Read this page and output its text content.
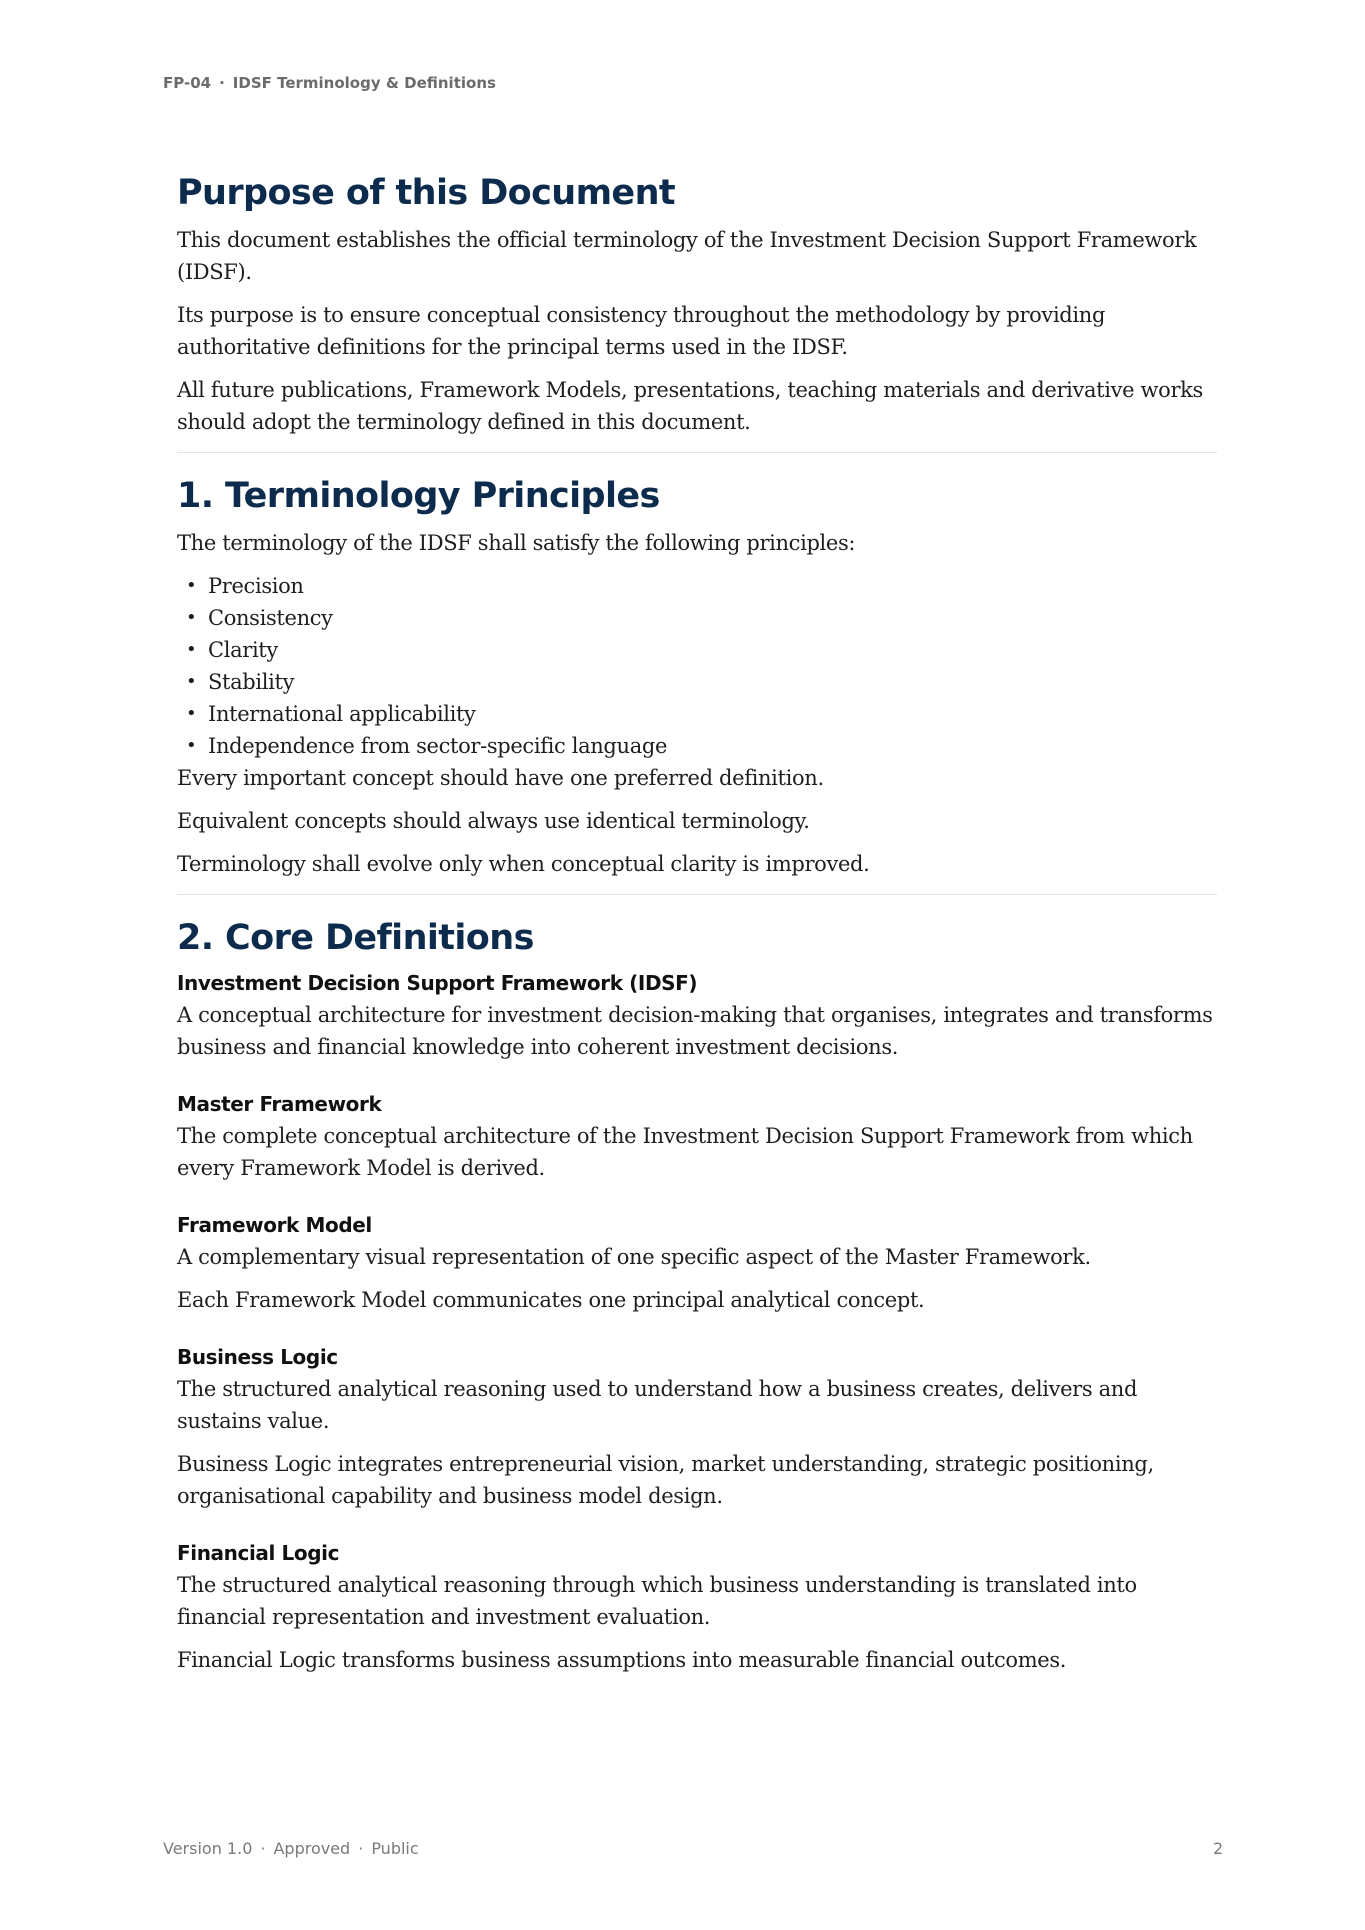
FP-04 · IDSF Terminology & Definitions
Purpose of this Document

This document establishes the official terminology of the Investment Decision Support Framework (IDSF).

Its purpose is to ensure conceptual consistency throughout the methodology by providing authoritative definitions for the principal terms used in the IDSF.

All future publications, Framework Models, presentations, teaching materials and derivative works should adopt the terminology defined in this document.

1. Terminology Principles

The terminology of the IDSF shall satisfy the following principles:

• Precision
• Consistency
• Clarity
• Stability
• International applicability
• Independence from sector-specific language

Every important concept should have one preferred definition.

Equivalent concepts should always use identical terminology.

Terminology shall evolve only when conceptual clarity is improved.

2. Core Definitions
Investment Decision Support Framework (IDSF)

A conceptual architecture for investment decision-making that organises, integrates and transforms business and financial knowledge into coherent investment decisions.

Master Framework

The complete conceptual architecture of the Investment Decision Support Framework from which every Framework Model is derived.

Framework Model

A complementary visual representation of one specific aspect of the Master Framework.

Each Framework Model communicates one principal analytical concept.

Business Logic

The structured analytical reasoning used to understand how a business creates, delivers and sustains value.

Business Logic integrates entrepreneurial vision, market understanding, strategic positioning, organisational capability and business model design.

Financial Logic

The structured analytical reasoning through which business understanding is translated into financial representation and investment evaluation.

Financial Logic transforms business assumptions into measurable financial outcomes.

Version 1.0 · Approved · Public	2
